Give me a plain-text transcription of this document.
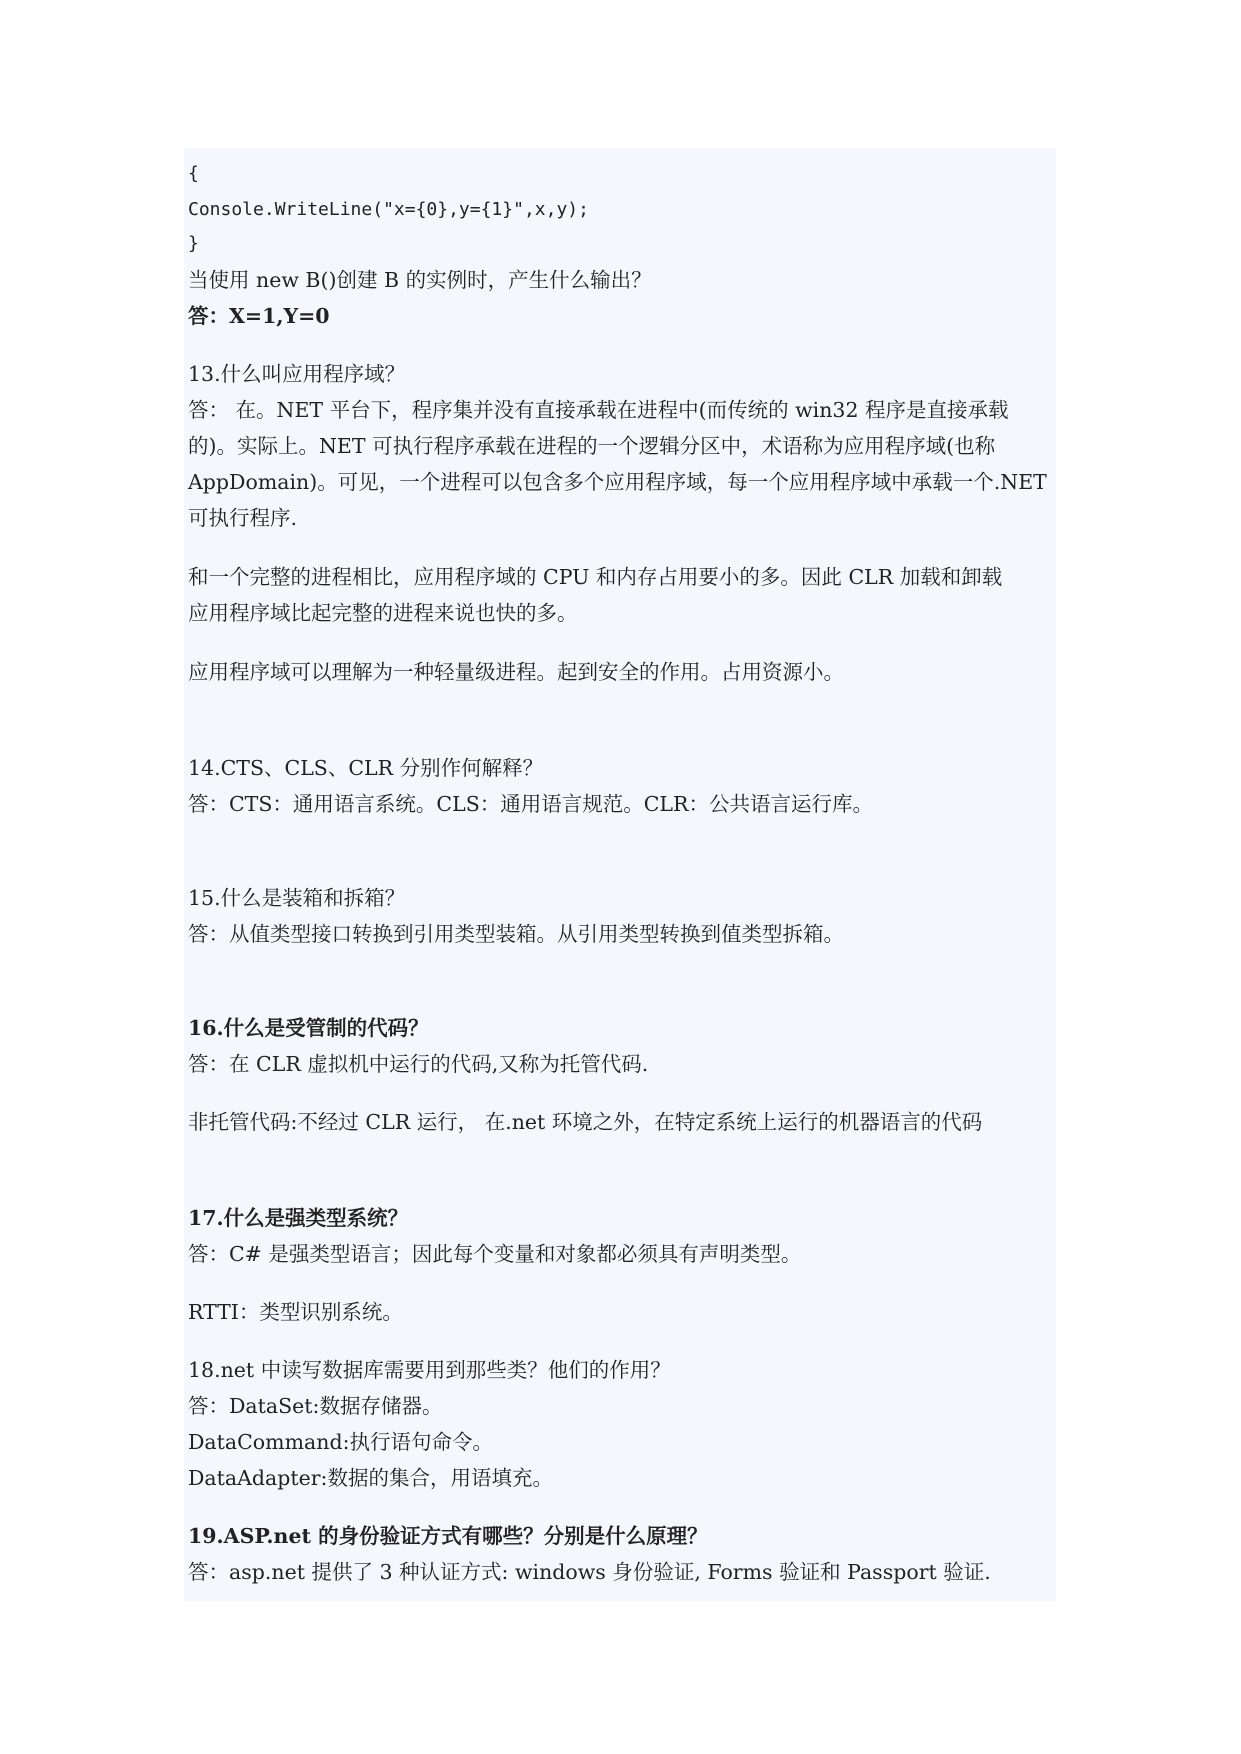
{

Console.WriteLine("x={0},y={1}",x,y);

}

当使用 new B()创建 B 的实例时，产生什么输出？

答：X=1,Y=0

13.什么叫应用程序域？

答： 在。NET 平台下，程序集并没有直接承载在进程中(而传统的 win32 程序是直接承载

的)。实际上。NET 可执行程序承载在进程的一个逻辑分区中，术语称为应用程序域(也称

AppDomain)。可见，一个进程可以包含多个应用程序域，每一个应用程序域中承载一个.NET

可执行程序.

和一个完整的进程相比，应用程序域的 CPU 和内存占用要小的多。因此 CLR 加载和卸载

应用程序域比起完整的进程来说也快的多。

应用程序域可以理解为一种轻量级进程。起到安全的作用。占用资源小。

14.CTS、CLS、CLR 分别作何解释？

答：CTS：通用语言系统。CLS：通用语言规范。CLR：公共语言运行库。

15.什么是装箱和拆箱？

答：从值类型接口转换到引用类型装箱。从引用类型转换到值类型拆箱。

16.什么是受管制的代码？

答：在 CLR 虚拟机中运行的代码,又称为托管代码.

非托管代码:不经过 CLR 运行， 在.net 环境之外，在特定系统上运行的机器语言的代码

17.什么是强类型系统？

答：C# 是强类型语言；因此每个变量和对象都必须具有声明类型。

RTTI：类型识别系统。

18.net 中读写数据库需要用到那些类？他们的作用？

答：DataSet:数据存储器。

DataCommand:执行语句命令。

DataAdapter:数据的集合，用语填充。

19.ASP.net 的身份验证方式有哪些？分别是什么原理？

答：asp.net 提供了 3 种认证方式: windows 身份验证, Forms 验证和 Passport 验证.
